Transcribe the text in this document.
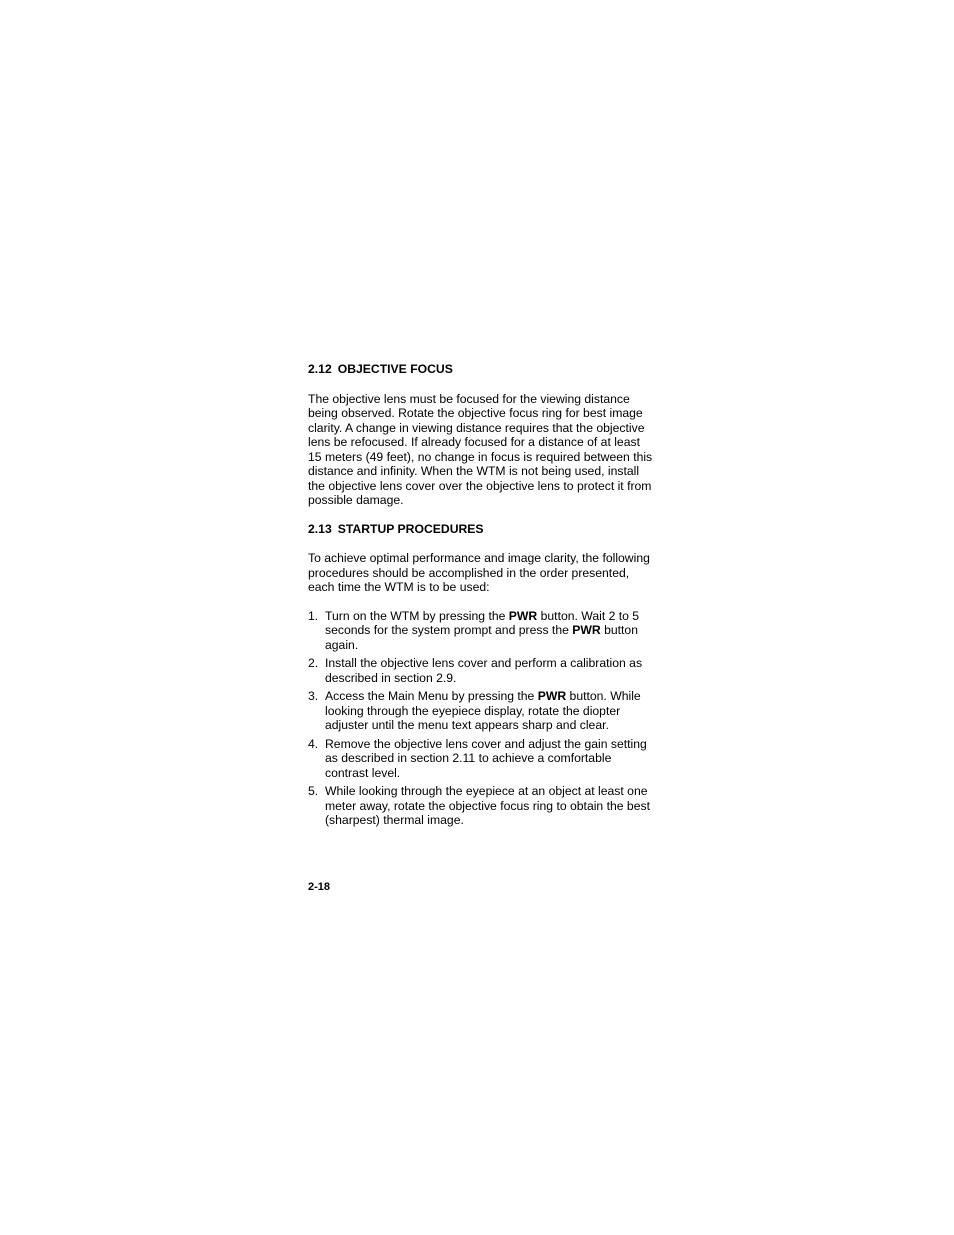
2.12 OBJECTIVE FOCUS

The objective lens must be focused for the viewing distance being observed. Rotate the objective focus ring for best image clarity. A change in viewing distance requires that the objective lens be refocused. If already focused for a distance of at least 15 meters (49 feet), no change in focus is required between this distance and infinity. When the WTM is not being used, install the objective lens cover over the objective lens to protect it from possible damage.

2.13 STARTUP PROCEDURES

To achieve optimal performance and image clarity, the following procedures should be accomplished in the order presented, each time the WTM is to be used:

1. Turn on the WTM by pressing the PWR button. Wait 2 to 5 seconds for the system prompt and press the PWR button again.
2. Install the objective lens cover and perform a calibration as described in section 2.9.
3. Access the Main Menu by pressing the PWR button. While looking through the eyepiece display, rotate the diopter adjuster until the menu text appears sharp and clear.
4. Remove the objective lens cover and adjust the gain setting as described in section 2.11 to achieve a comfortable contrast level.
5. While looking through the eyepiece at an object at least one meter away, rotate the objective focus ring to obtain the best (sharpest) thermal image.
2-18
